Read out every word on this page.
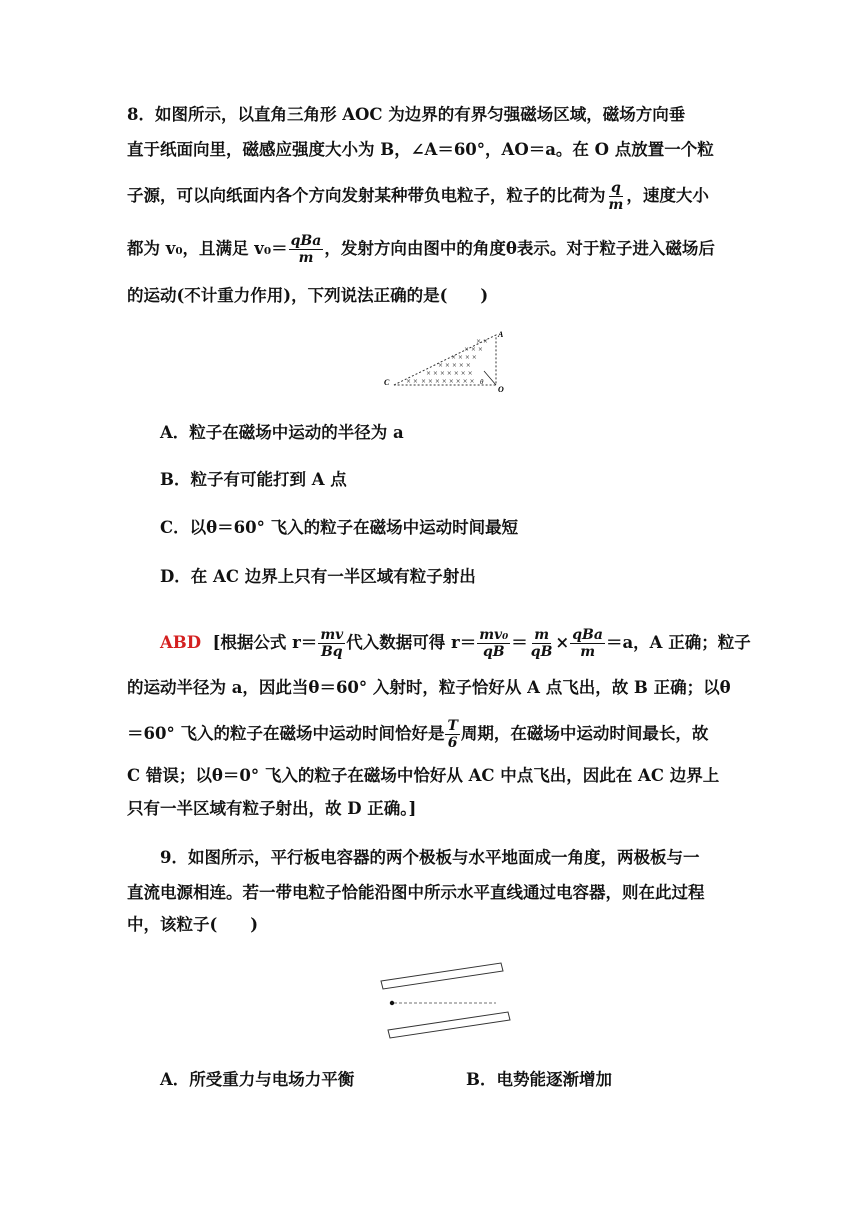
8．如图所示，以直角三角形 AOC 为边界的有界匀强磁场区域，磁场方向垂
直于纸面向里，磁感应强度大小为 B，∠A＝60°，AO＝a。在 O 点放置一个粒
子源，可以向纸面内各个方向发射某种带负电粒子，粒子的比荷为 $\frac{q}{m}$ ，速度大小
都为 v₀，且满足 $v_0= \frac{\text{qBa}}{m}$ ，发射方向由图中的角度θ表示。对于粒子进入磁场后
的运动(不计重力作用)，下列说法正确的是(　　)
× × × × × × × × × ×
× × × × × × ×
× × × × ×
× × × ×
× × ×
× ×
A
C
O
θ
A．粒子在磁场中运动的半径为 a
B．粒子有可能打到 A 点
C．以θ＝60° 飞入的粒子在磁场中运动时间最短
D．在 AC 边界上只有一半区域有粒子射出
ABD [根据公式 $r= \frac{mv}{Bq}$ 代入数据可得 $r= \frac{\text{mv₀}}{qB} = \frac{m}{qB} \times \frac{\text{qBa}}{m} =a$，A 正确；粒子
的运动半径为 a，因此当θ＝60° 入射时，粒子恰好从 A 点飞出，故 B 正确；以θ
＝60° 飞入的粒子在磁场中运动时间恰好是 $\frac{T}{6}$ 周期，在磁场中运动时间最长，故
C 错误；以θ＝0° 飞入的粒子在磁场中恰好从 AC 中点飞出，因此在 AC 边界上
只有一半区域有粒子射出，故 D 正确。]
9．如图所示，平行板电容器的两个极板与水平地面成一角度，两极板与一
直流电源相连。若一带电粒子恰能沿图中所示水平直线通过电容器，则在此过程
中，该粒子(　　)
A．所受重力与电场力平衡	B．电势能逐渐增加
